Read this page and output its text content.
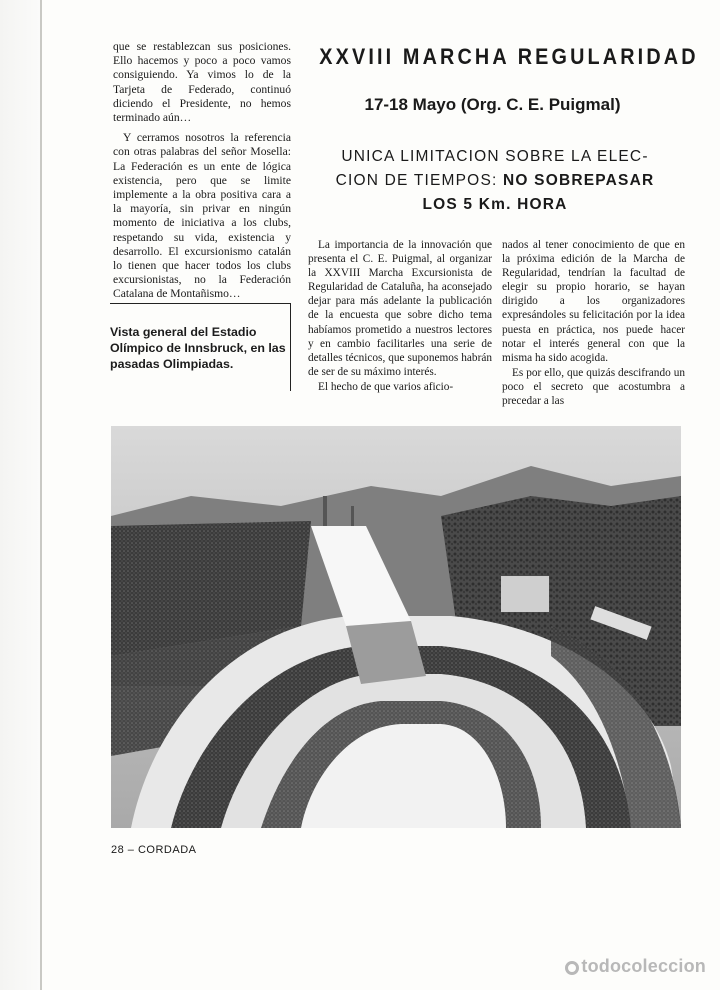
que se restablezcan sus posiciones. Ello hacemos y poco a poco vamos consiguiendo. Ya vimos lo de la Tarjeta de Federado, continuó diciendo el Presidente, no hemos terminado aún…

Y cerramos nosotros la referencia con otras palabras del señor Mosella: La Federación es un ente de lógica existencia, pero que se limite implemente a la obra positiva cara a la mayoría, sin privar en ningún momento de iniciativa a los clubs, respetando su vida, existencia y desarrollo. El excursionismo catalán lo tienen que hacer todos los clubs excursionistas, no la Federación Catalana de Montañismo…

Vista general del Estadio Olímpico de Innsbruck, en las pasadas Olimpiadas.

XXVIII MARCHA REGULARIDAD
17-18 Mayo (Org. C. E. Puigmal)
UNICA LIMITACION SOBRE LA ELEC-
CION DE TIEMPOS: NO SOBREPASAR
LOS 5 Km. HORA

La importancia de la innovación que presenta el C. E. Puigmal, al organizar la XXVIII Marcha Excursionista de Regularidad de Cataluña, ha aconsejado dejar para más adelante la publicación de la encuesta que sobre dicho tema habíamos prometido a nuestros lectores y en cambio facilitarles una serie de detalles técnicos, que suponemos habrán de ser de su máximo interés.

El hecho de que varios aficio-

nados al tener conocimiento de que en la próxima edición de la Marcha de Regularidad, tendrían la facultad de elegir su propio horario, se hayan dirigido a los organizadores expresándoles su felicitación por la idea puesta en práctica, nos puede hacer notar el interés general con que la misma ha sido acogida.

Es por ello, que quizás descifrando un poco el secreto que acostumbra a precedar a las

28 – CORDADA

todocoleccion
